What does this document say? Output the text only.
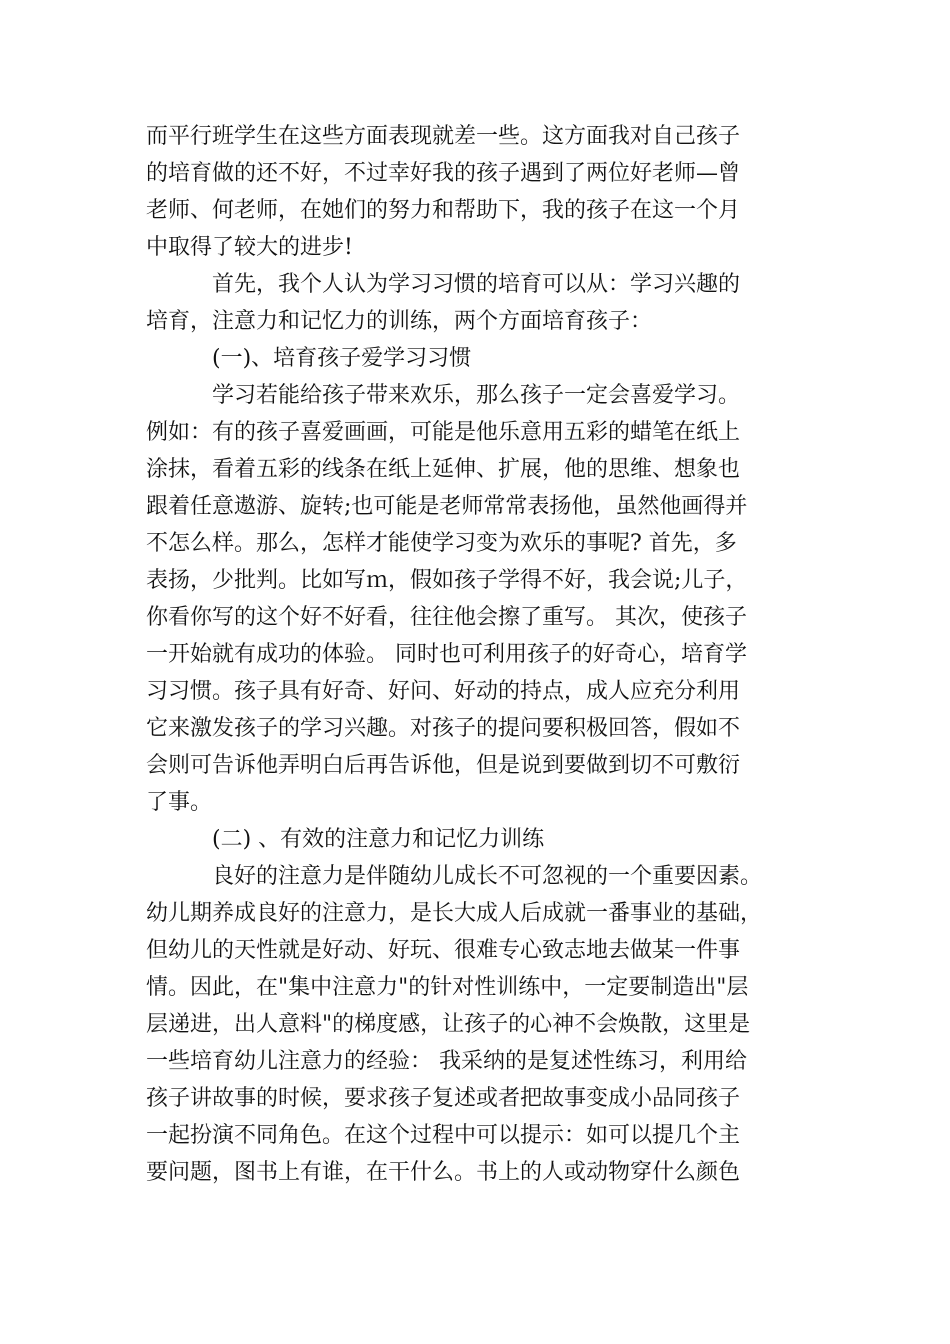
而平行班学生在这些方面表现就差一些。这方面我对自己孩子
的培育做的还不好，不过幸好我的孩子遇到了两位好老师—曾
老师、何老师，在她们的努力和帮助下，我的孩子在这一个月
中取得了较大的进步!
　　　首先，我个人认为学习习惯的培育可以从：学习兴趣的
培育，注意力和记忆力的训练，两个方面培育孩子：
　　　(一)、培育孩子爱学习习惯
　　　学习若能给孩子带来欢乐，那么孩子一定会喜爱学习。
例如：有的孩子喜爱画画，可能是他乐意用五彩的蜡笔在纸上
涂抹，看着五彩的线条在纸上延伸、扩展，他的思维、想象也
跟着任意遨游、旋转;也可能是老师常常表扬他，虽然他画得并
不怎么样。那么，怎样才能使学习变为欢乐的事呢? 首先，多
表扬，少批判。比如写ｍ，假如孩子学得不好，我会说;儿子，
你看你写的这个好不好看，往往他会擦了重写。 其次，使孩子
一开始就有成功的体验。 同时也可利用孩子的好奇心，培育学
习习惯。孩子具有好奇、好问、好动的持点，成人应充分利用
它来激发孩子的学习兴趣。对孩子的提问要积极回答，假如不
会则可告诉他弄明白后再告诉他，但是说到要做到切不可敷衍
了事。
　　　(二) 、有效的注意力和记忆力训练
　　　良好的注意力是伴随幼儿成长不可忽视的一个重要因素。
幼儿期养成良好的注意力，是长大成人后成就一番事业的基础，
但幼儿的天性就是好动、好玩、很难专心致志地去做某一件事
情。因此，在"集中注意力"的针对性训练中，一定要制造出"层
层递进，出人意料"的梯度感，让孩子的心神不会焕散，这里是
一些培育幼儿注意力的经验： 我采纳的是复述性练习，利用给
孩子讲故事的时候，要求孩子复述或者把故事变成小品同孩子
一起扮演不同角色。在这个过程中可以提示：如可以提几个主
要问题，图书上有谁，在干什么。书上的人或动物穿什么颜色
